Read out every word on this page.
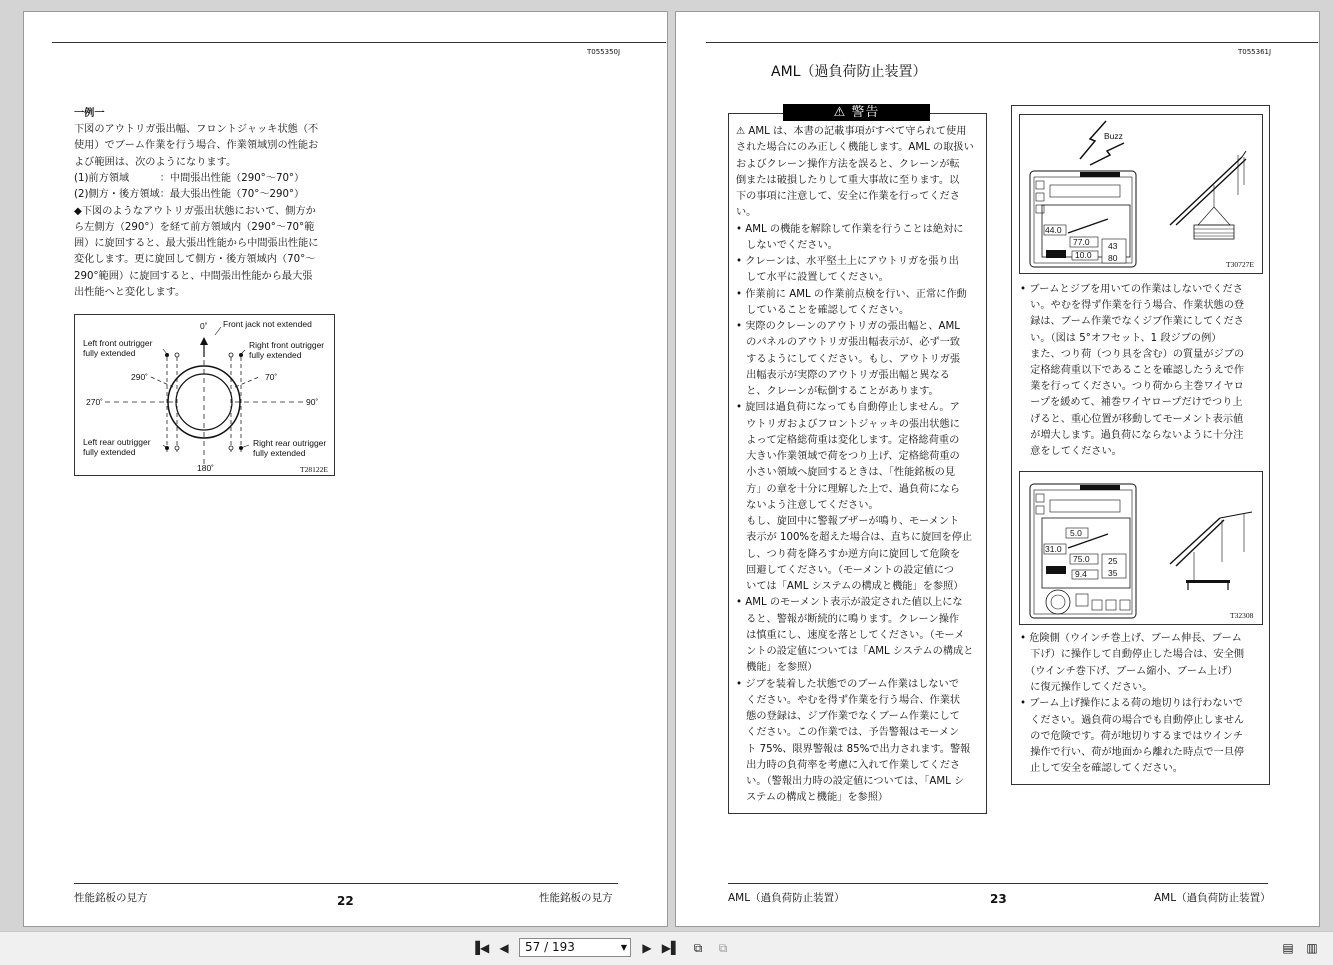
T055350J
一例一
下図のアウトリガ張出幅、フロントジャッキ状態（不
使用）でブーム作業を行う場合、作業領域別の性能お
よび範囲は、次のようになります。
(1)前方領域　　　：中間張出性能（290°～70°）
(2)側方・後方領域：最大張出性能（70°～290°）
◆下図のようなアウトリガ張出状態において、側方か
ら左側方（290°）を経て前方領域内（290°～70°範
囲）に旋回すると、最大張出性能から中間張出性能に
変化します。更に旋回して側方・後方領域内（70°～
290°範囲）に旋回すると、中間張出性能から最大張
出性能へと変化します。
0˚ Front jack not extended
Left front outrigger
fully extended
Right front outrigger
fully extended
290˚	70˚
270˚	90˚
Left rear outrigger
fully extended
Right rear outrigger
fully extended
180˚	T28122E
性能銘板の見方	22	性能銘板の見方
T055361J
AML（過負荷防止装置）
⚠ 警告
⚠ AML は、本書の記載事項がすべて守られて使用
された場合にのみ正しく機能します。AML の取扱い
およびクレーン操作方法を誤ると、クレーンが転
倒または破損したりして重大事故に至ります。以
下の事項に注意して、安全に作業を行ってくださ
い。
• AML の機能を解除して作業を行うことは絶対に
　しないでください。
• クレーンは、水平堅土上にアウトリガを張り出
　して水平に設置してください。
• 作業前に AML の作業前点検を行い、正常に作動
　していることを確認してください。
• 実際のクレーンのアウトリガの張出幅と、AML
　のパネルのアウトリガ張出幅表示が、必ず一致
　するようにしてください。もし、アウトリガ張
　出幅表示が実際のアウトリガ張出幅と異なる
　と、クレーンが転倒することがあります。
• 旋回は過負荷になっても自動停止しません。ア
　ウトリガおよびフロントジャッキの張出状態に
　よって定格総荷重は変化します。定格総荷重の
　大きい作業領域で荷をつり上げ、定格総荷重の
　小さい領域へ旋回するときは、「性能銘板の見
　方」の章を十分に理解した上で、過負荷になら
　ないよう注意してください。
　もし、旋回中に警報ブザーが鳴り、モーメント
　表示が 100%を超えた場合は、直ちに旋回を停止
　し、つり荷を降ろすか逆方向に旋回して危険を
　回避してください。（モーメントの設定値につ
　いては「AML システムの構成と機能」を参照）
• AML のモーメント表示が設定された値以上にな
　ると、警報が断続的に鳴ります。クレーン操作
　は慎重にし、速度を落としてください。（モーメ
　ントの設定値については「AML システムの構成と
　機能」を参照）
• ジブを装着した状態でのブーム作業はしないで
　ください。やむを得ず作業を行う場合、作業状
　態の登録は、ジブ作業でなくブーム作業にして
　ください。この作業では、予告警報はモーメン
　ト 75%、限界警報は 85%で出力されます。警報
　出力時の負荷率を考慮に入れて作業してくださ
　い。（警報出力時の設定値については、「AML シ
　ステムの構成と機能」を参照）
Buzz
44.0
77.0
10.0
43
80
T30727E
• ブームとジブを用いての作業はしないでくださ
　い。やむを得ず作業を行う場合、作業状態の登
　録は、ブーム作業でなくジブ作業にしてくださ
　い。（図は 5°オフセット、1 段ジブの例）
　また、つり荷（つり具を含む）の質量がジブの
　定格総荷重以下であることを確認したうえで作
　業を行ってください。つり荷から主巻ワイヤロ
　ープを緩めて、補巻ワイヤロープだけでつり上
　げると、重心位置が移動してモーメント表示値
　が増大します。過負荷にならないように十分注
　意をしてください。
5.0
31.0
75.0 25
35
9.4
T32308
• 危険側（ウインチ巻上げ、ブーム伸長、ブーム
　下げ）に操作して自動停止した場合は、安全側
　（ウインチ巻下げ、ブーム縮小、ブーム上げ）
　に復元操作してください。
• ブーム上げ操作による荷の地切りは行わないで
　ください。過負荷の場合でも自動停止しません
　ので危険です。荷が地切りするまではウインチ
　操作で行い、荷が地面から離れた時点で一旦停
　止して安全を確認してください。
AML（過負荷防止装置）	23	AML（過負荷防止装置）
▐◀ ◀	57 / 193	▼	▶ ▶▌	⧉	⧉	▤	▥
